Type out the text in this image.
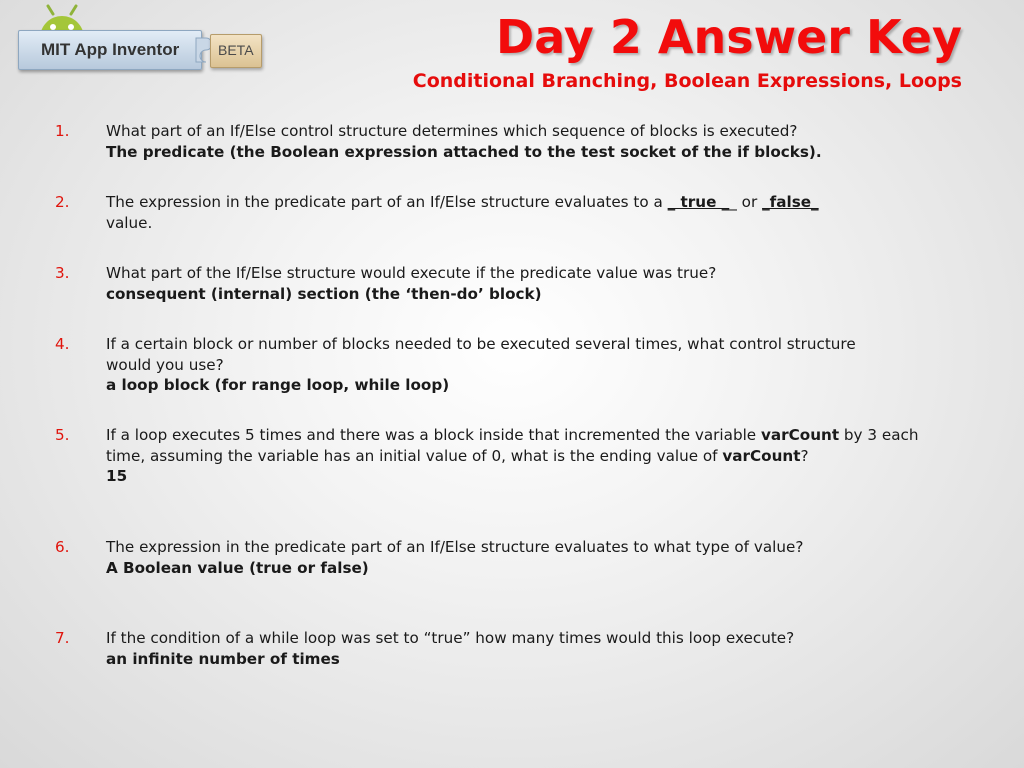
MIT App Inventor	BETA	Day 2 Answer Key
Conditional Branching, Boolean Expressions, Loops
1. What part of an If/Else control structure determines which sequence of blocks is executed?
The predicate (the Boolean expression attached to the test socket of the if blocks).
2. The expression in the predicate part of an If/Else structure evaluates to a _ true __ or _false_
value.
3. What part of the If/Else structure would execute if the predicate value was true?
consequent (internal) section (the ‘then-do’ block)
4. If a certain block or number of blocks needed to be executed several times, what control structure would you use?
a loop block (for range loop, while loop)
5. If a loop executes 5 times and there was a block inside that incremented the variable varCount by 3 each time, assuming the variable has an initial value of 0, what is the ending value of varCount?
15
6. The expression in the predicate part of an If/Else structure evaluates to what type of value?
A Boolean value (true or false)
7. If the condition of a while loop was set to “true” how many times would this loop execute?
an infinite number of times
